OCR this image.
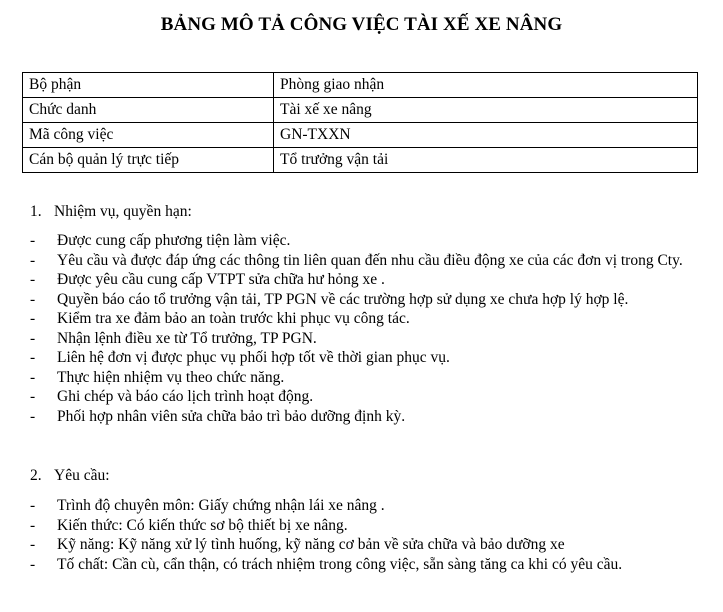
BẢNG MÔ TẢ CÔNG VIỆC TÀI XẾ XE NÂNG
Bộ phận	Phòng giao nhận
Chức danh	Tài xế xe nâng
Mã công việc	GN-TXXN
Cán bộ quản lý trực tiếp	Tổ trưởng vận tải
1. Nhiệm vụ, quyền hạn:
- Được cung cấp phương tiện làm việc.
- Yêu cầu và được đáp ứng các thông tin liên quan đến nhu cầu điều động xe của các đơn vị trong Cty.
- Được yêu cầu cung cấp VTPT sửa chữa hư hỏng xe .
- Quyền báo cáo tổ trưởng vận tải, TP PGN về các trường hợp sử dụng xe chưa hợp lý hợp lệ.
- Kiểm tra xe đảm bảo an toàn trước khi phục vụ công tác.
- Nhận lệnh điều xe từ Tổ trưởng, TP PGN.
- Liên hệ đơn vị được phục vụ phối hợp tốt về thời gian phục vụ.
- Thực hiện nhiệm vụ theo chức năng.
- Ghi chép và báo cáo lịch trình hoạt động.
- Phối hợp nhân viên sửa chữa bảo trì bảo dưỡng định kỳ.
2. Yêu cầu:
- Trình độ chuyên môn: Giấy chứng nhận lái xe nâng .
- Kiến thức: Có kiến thức sơ bộ thiết bị xe nâng.
- Kỹ năng: Kỹ năng xử lý tình huống, kỹ năng cơ bản về sửa chữa và bảo dưỡng xe
- Tố chất: Cần cù, cẩn thận, có trách nhiệm trong công việc, sẵn sàng tăng ca khi có yêu cầu.
